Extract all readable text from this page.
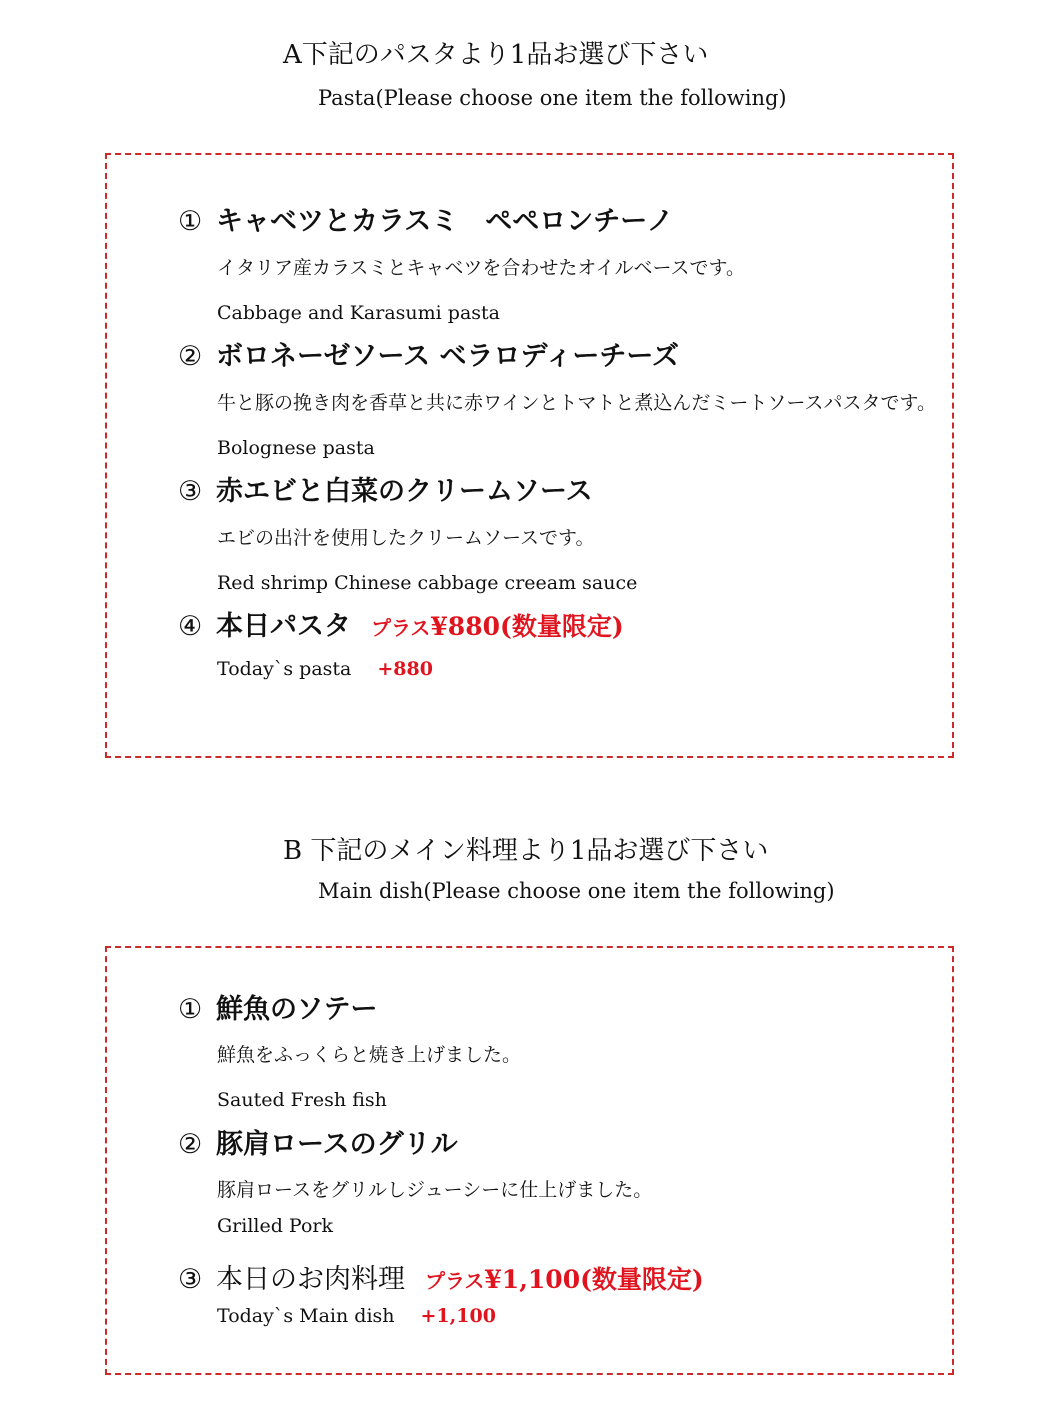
A下記のパスタより1品お選び下さい
Pasta(Please choose one item the following)
① キャベツとカラスミ　ペペロンチーノ
イタリア産カラスミとキャベツを合わせたオイルベースです。
Cabbage and Karasumi pasta
② ボロネーゼソース ベラロディーチーズ
牛と豚の挽き肉を香草と共に赤ワインとトマトと煮込んだミートソースパスタです。
Bolognese pasta
③ 赤エビと白菜のクリームソース
エビの出汁を使用したクリームソースです。
Red shrimp Chinese cabbage creeam sauce
④ 本日パスタ プラス¥880(数量限定)
Today`s pasta +880
B 下記のメイン料理より1品お選び下さい
Main dish(Please choose one item the following)
① 鮮魚のソテー
鮮魚をふっくらと焼き上げました。
Sauted Fresh fish
② 豚肩ロースのグリル
豚肩ロースをグリルしジューシーに仕上げました。
Grilled Pork
③ 本日のお肉料理 プラス¥1,100(数量限定)
Today`s Main dish +1,100
